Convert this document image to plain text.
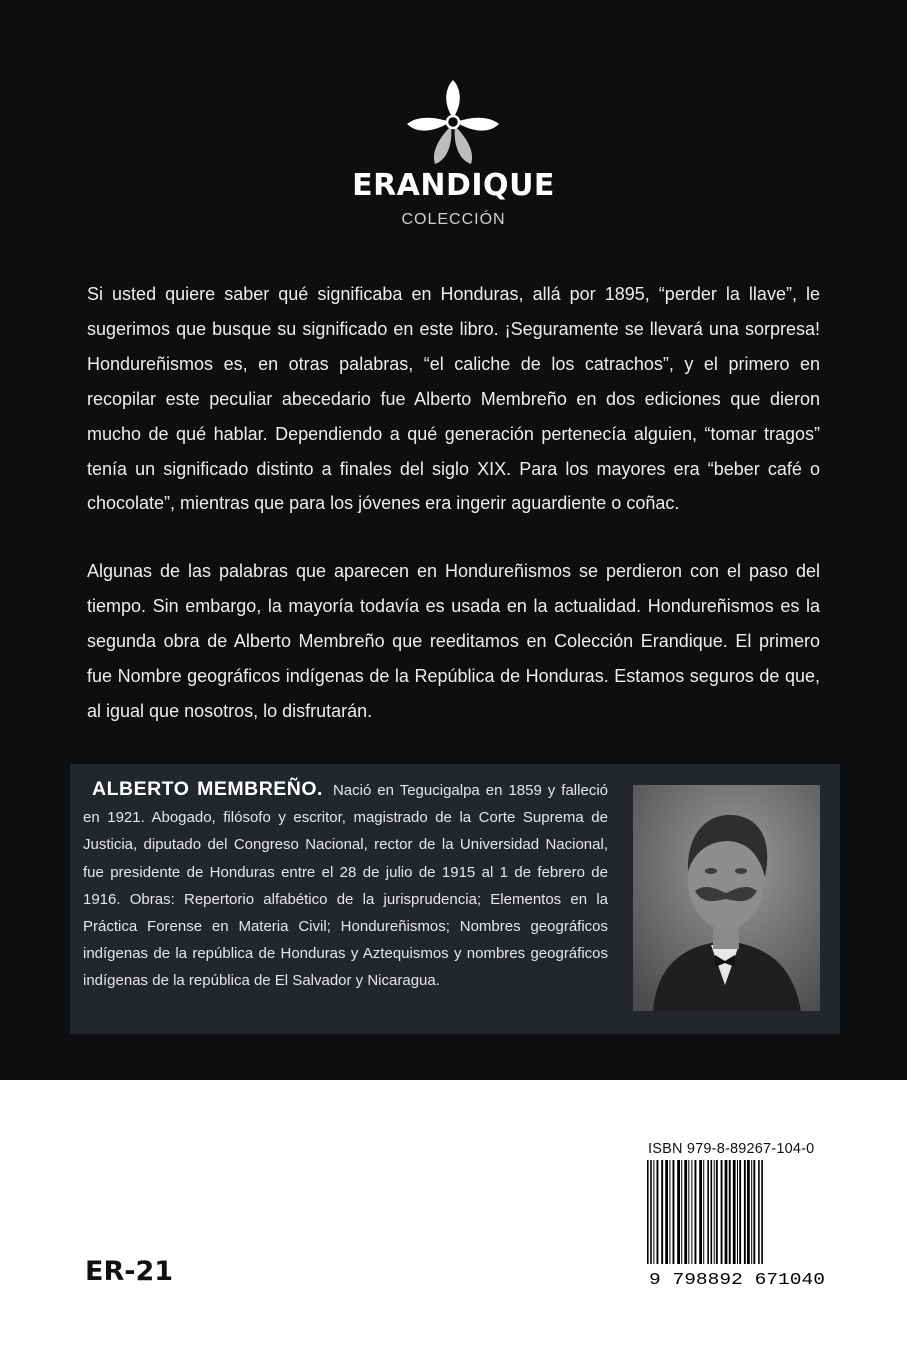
ERANDIQUE
COLECCIÓN

Si usted quiere saber qué significaba en Honduras, allá por 1895, “perder la llave”, le sugerimos que busque su significado en este libro. ¡Seguramente se llevará una sorpresa! Hondureñismos es, en otras palabras, “el caliche de los catrachos”, y el primero en recopilar este peculiar abecedario fue Alberto Membreño en dos ediciones que dieron mucho de qué hablar. Dependiendo a qué generación pertenecía alguien, “tomar tragos” tenía un significado distinto a finales del siglo XIX. Para los mayores era “beber café o chocolate”, mientras que para los jóvenes era ingerir aguardiente o coñac.

Algunas de las palabras que aparecen en Hondureñismos se perdieron con el paso del tiempo. Sin embargo, la mayoría todavía es usada en la actualidad. Hondureñismos es la segunda obra de Alberto Membreño que reeditamos en Colección Erandique. El primero fue Nombre geográficos indígenas de la República de Honduras. Estamos seguros de que, al igual que nosotros, lo disfrutarán.

ALBERTO MEMBREÑO. Nació en Tegucigalpa en 1859 y falleció en 1921. Abogado, filósofo y escritor, magistrado de la Corte Suprema de Justicia, diputado del Congreso Nacional, rector de la Universidad Nacional, fue presidente de Honduras entre el 28 de julio de 1915 al 1 de febrero de 1916. Obras: Repertorio alfabético de la jurisprudencia; Elementos en la Práctica Forense en Materia Civil; Hondureñismos; Nombres geográficos indígenas de la república de Honduras y Aztequismos y nombres geográficos indígenas de la república de El Salvador y Nicaragua.

ISBN 979-8-89267-104-0
9 798892 671040
ER-21
